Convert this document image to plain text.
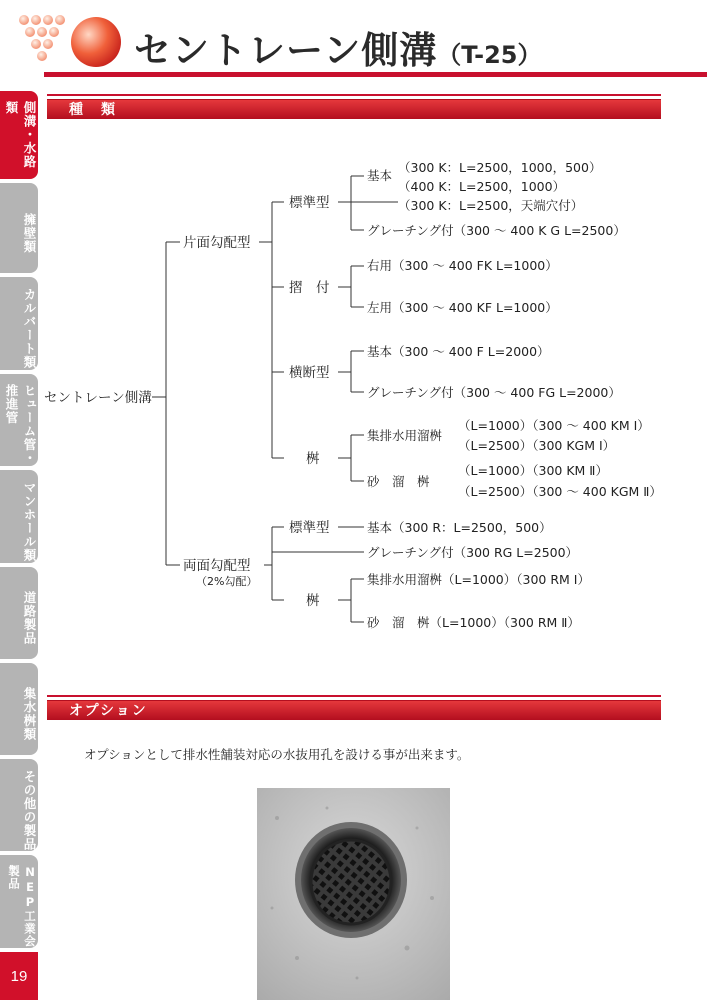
セントレーン側溝（T-25）
側溝・水路類
擁壁類
カルバート類
ヒューム管・推進管
マンホール類
道路製品
集水桝類
その他の製品
NEP工業会製品
19
種　類
オプション
セントレーン側溝
片面勾配型
両面勾配型
（2%勾配）
標準型
基本
（300 K：L=2500，1000，500）
（400 K：L=2500，1000）
（300 K：L=2500，天端穴付）
グレーチング付（300 ～ 400 K G L=2500）
摺　付
右用（300 ～ 400 FK L=1000）
左用（300 ～ 400 KF L=1000）
横断型
基本（300 ～ 400 F L=2000）
グレーチング付（300 ～ 400 FG L=2000）
桝
集排水用溜桝
（L=1000）（300 ～ 400 KM Ⅰ）
（L=2500）（300 KGM Ⅰ）
砂　溜　桝
（L=1000）（300 KM Ⅱ）
（L=2500）（300 ～ 400 KGM Ⅱ）
標準型	基本（300 R：L=2500，500）
グレーチング付（300 RG L=2500）
桝
集排水用溜桝（L=1000）（300 RM Ⅰ）
砂　溜　桝（L=1000）（300 RM Ⅱ）
オプションとして排水性舗装対応の水抜用孔を設ける事が出来ます。
